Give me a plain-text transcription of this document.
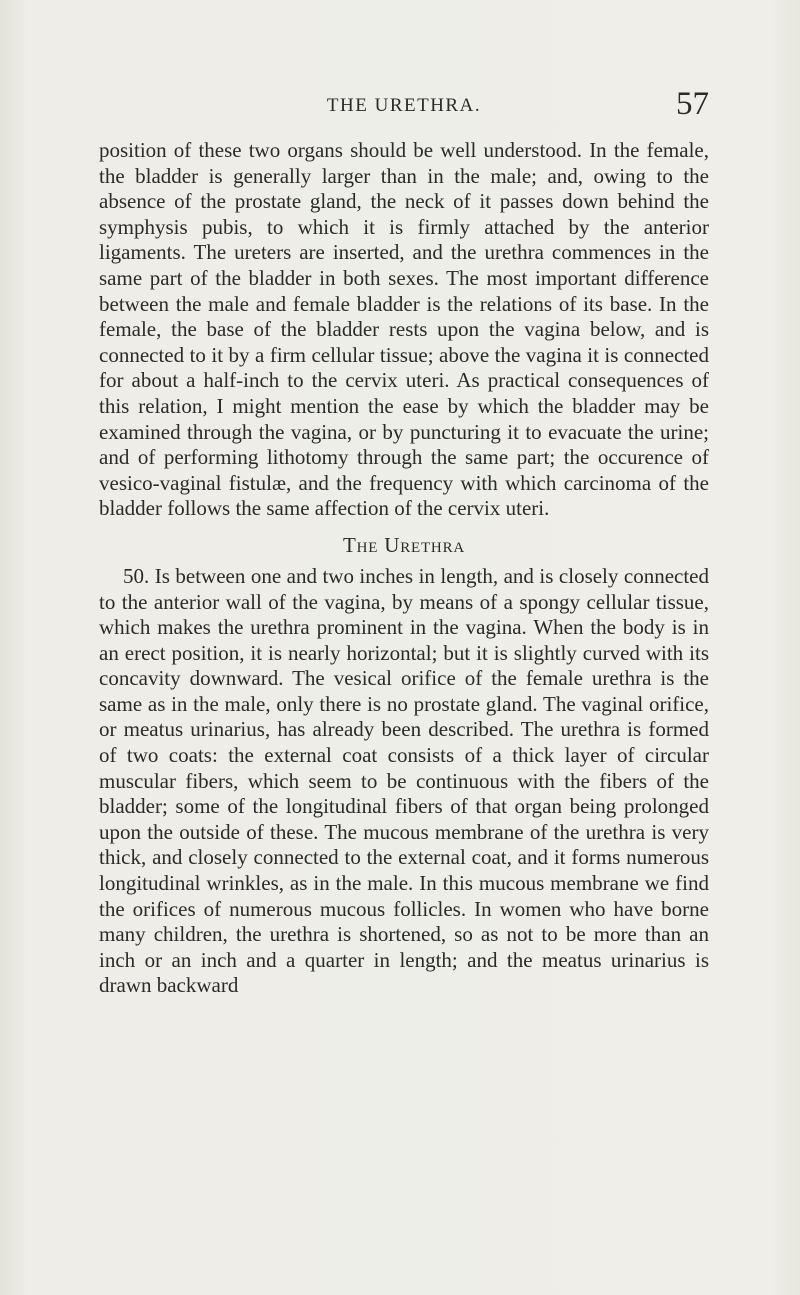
THE URETHRA.	57

position of these two organs should be well understood. In the female, the bladder is generally larger than in the male; and, owing to the absence of the prostate gland, the neck of it passes down behind the symphysis pubis, to which it is firmly attached by the anterior ligaments. The ureters are inserted, and the urethra commences in the same part of the bladder in both sexes. The most important difference between the male and female bladder is the relations of its base. In the female, the base of the bladder rests upon the vagina below, and is connected to it by a firm cellular tissue; above the vagina it is connected for about a half-inch to the cervix uteri. As practical consequences of this relation, I might mention the ease by which the bladder may be examined through the vagina, or by puncturing it to evacuate the urine; and of performing lithotomy through the same part; the occurence of vesico-vaginal fistulæ, and the frequency with which carcinoma of the bladder follows the same affection of the cervix uteri.

The Urethra

50. Is between one and two inches in length, and is closely connected to the anterior wall of the vagina, by means of a spongy cellular tissue, which makes the urethra prominent in the vagina. When the body is in an erect position, it is nearly horizontal; but it is slightly curved with its concavity downward. The vesical orifice of the female urethra is the same as in the male, only there is no prostate gland. The vaginal orifice, or meatus urinarius, has already been described. The urethra is formed of two coats: the external coat consists of a thick layer of circular muscular fibers, which seem to be continuous with the fibers of the bladder; some of the longitudinal fibers of that organ being prolonged upon the outside of these. The mucous membrane of the urethra is very thick, and closely connected to the external coat, and it forms numerous longitudinal wrinkles, as in the male. In this mucous membrane we find the orifices of numerous mucous follicles. In women who have borne many children, the urethra is shortened, so as not to be more than an inch or an inch and a quarter in length; and the meatus urinarius is drawn backward
